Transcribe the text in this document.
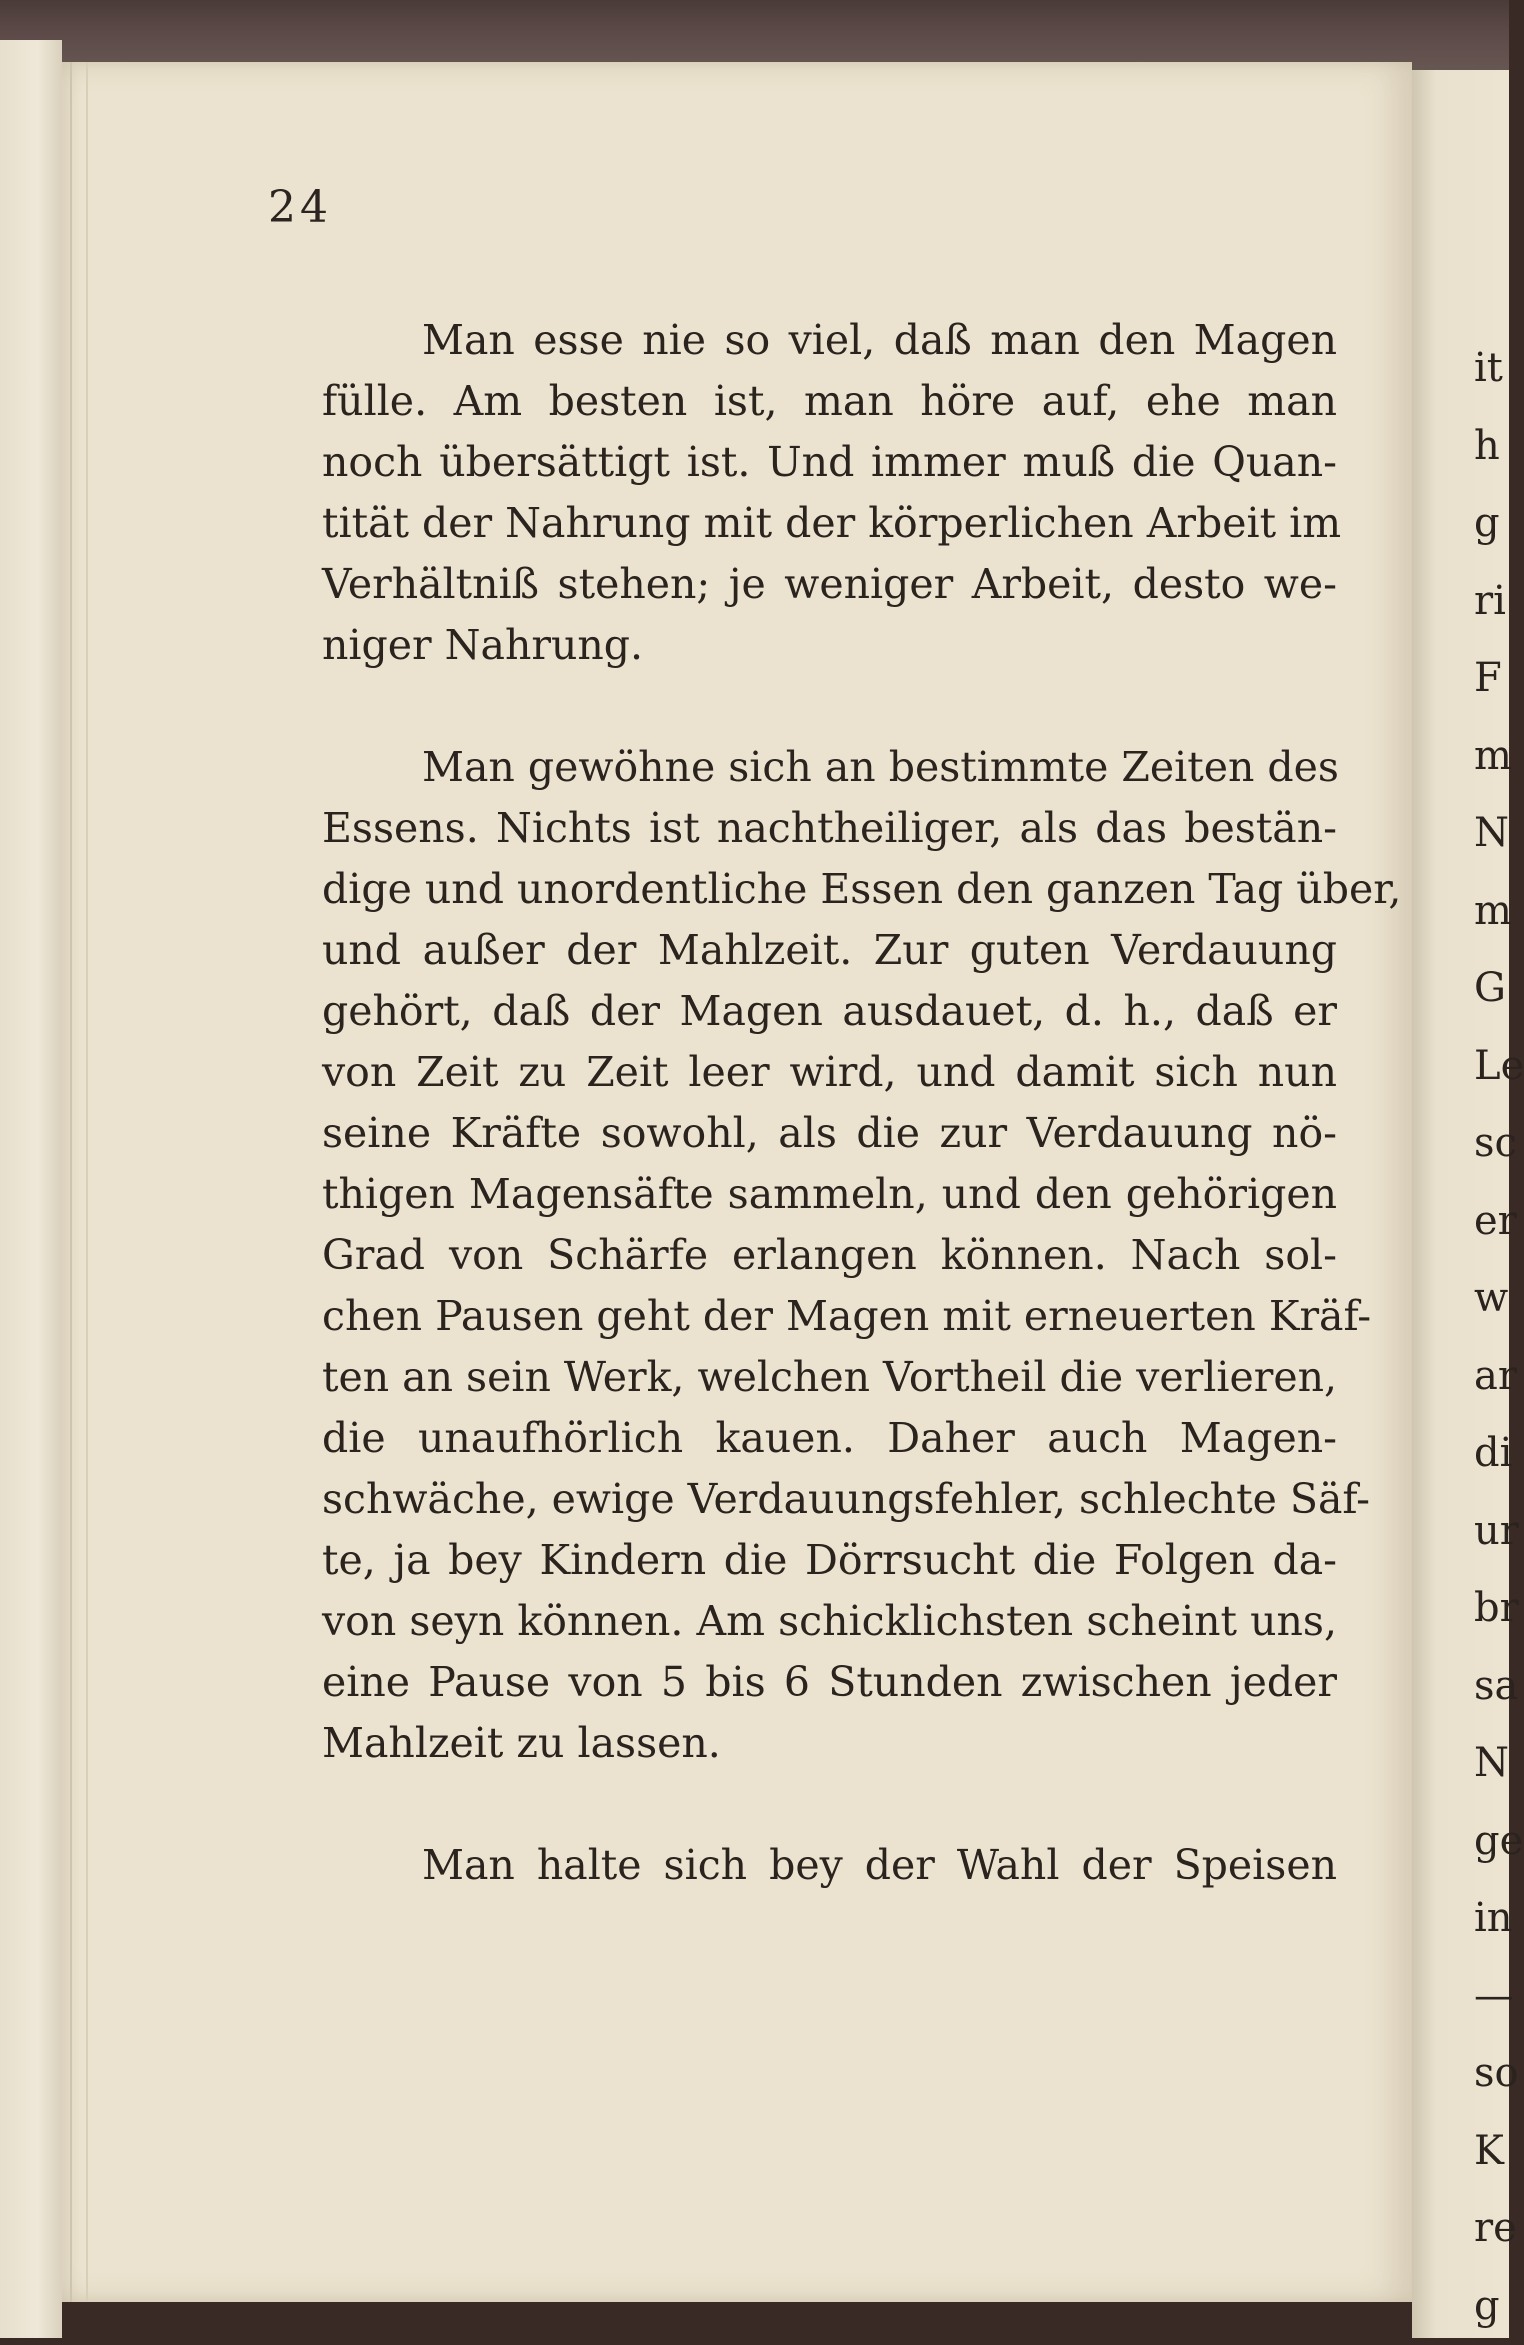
24

Man esse nie so viel, daß man den Magen
fülle. Am besten ist, man höre auf, ehe man
noch übersättigt ist. Und immer muß die Quan-
tität der Nahrung mit der körperlichen Arbeit im
Verhältniß stehen; je weniger Arbeit, desto we-
niger Nahrung.

Man gewöhne sich an bestimmte Zeiten des
Essens. Nichts ist nachtheiliger, als das bestän-
dige und unordentliche Essen den ganzen Tag über,
und außer der Mahlzeit. Zur guten Verdauung
gehört, daß der Magen ausdauet, d. h., daß er
von Zeit zu Zeit leer wird, und damit sich nun
seine Kräfte sowohl, als die zur Verdauung nö-
thigen Magensäfte sammeln, und den gehörigen
Grad von Schärfe erlangen können. Nach sol-
chen Pausen geht der Magen mit erneuerten Kräf-
ten an sein Werk, welchen Vortheil die verlieren,
die unaufhörlich kauen. Daher auch Magen-
schwäche, ewige Verdauungsfehler, schlechte Säf-
te, ja bey Kindern die Dörrsucht die Folgen da-
von seyn können. Am schicklichsten scheint uns,
eine Pause von 5 bis 6 Stunden zwischen jeder
Mahlzeit zu lassen.

Man halte sich bey der Wahl der Speisen

it
h
g
ri
F
m
N
m
G
Le
sc
er
w
ar
di
ur
br
sa
N
ge
in
—
so
K
re
g
